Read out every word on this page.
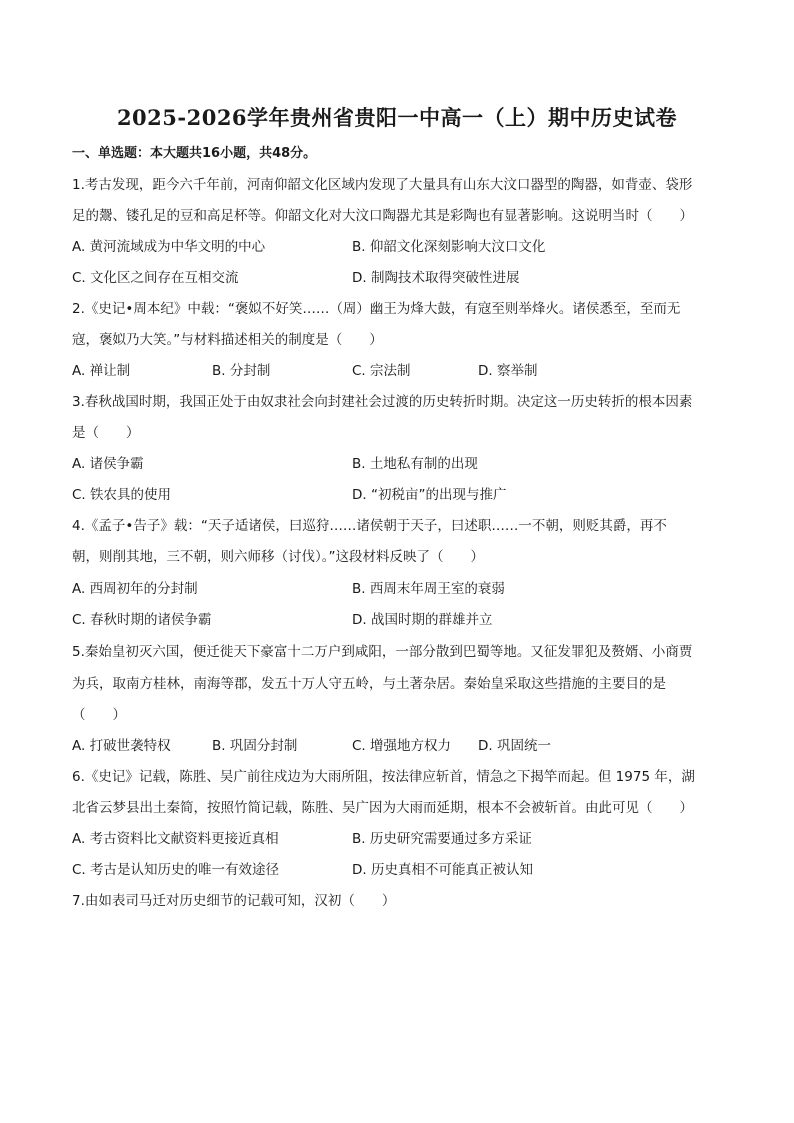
2025-2026学年贵州省贵阳一中高一（上）期中历史试卷
一、单选题：本大题共16小题，共48分。
1.考古发现，距今六千年前，河南仰韶文化区域内发现了大量具有山东大汶口器型的陶器，如背壶、袋形
足的鬶、镂孔足的豆和高足杯等。仰韶文化对大汶口陶器尤其是彩陶也有显著影响。这说明当时（　　）
A. 黄河流域成为中华文明的中心	B. 仰韶文化深刻影响大汶口文化
C. 文化区之间存在互相交流	D. 制陶技术取得突破性进展
2.《史记•周本纪》中载：“褒姒不好笑……（周）幽王为烽大鼓，有寇至则举烽火。诸侯悉至，至而无
寇，褒姒乃大笑。”与材料描述相关的制度是（　　）
A. 禅让制	B. 分封制	C. 宗法制	D. 察举制
3.春秋战国时期，我国正处于由奴隶社会向封建社会过渡的历史转折时期。决定这一历史转折的根本因素
是（　　）
A. 诸侯争霸	B. 土地私有制的出现
C. 铁农具的使用	D. “初税亩”的出现与推广
4.《孟子•告子》载：“天子适诸侯，曰巡狩……诸侯朝于天子，曰述职……一不朝，则贬其爵，再不
朝，则削其地，三不朝，则六师移（讨伐）。”这段材料反映了（　　）
A. 西周初年的分封制	B. 西周末年周王室的衰弱
C. 春秋时期的诸侯争霸	D. 战国时期的群雄并立
5.秦始皇初灭六国，便迁徙天下豪富十二万户到咸阳，一部分散到巴蜀等地。又征发罪犯及赘婿、小商贾
为兵，取南方桂林，南海等郡，发五十万人守五岭，与土著杂居。秦始皇采取这些措施的主要目的是
（　　）
A. 打破世袭特权	B. 巩固分封制	C. 增强地方权力 D. 巩固统一
6.《史记》记载，陈胜、吴广前往戍边为大雨所阻，按法律应斩首，情急之下揭竿而起。但 1975 年，湖
北省云梦县出土秦简，按照竹简记载，陈胜、吴广因为大雨而延期，根本不会被斩首。由此可见（　　）
A. 考古资料比文献资料更接近真相	B. 历史研究需要通过多方采证
C. 考古是认知历史的唯一有效途径	D. 历史真相不可能真正被认知
7.由如表司马迁对历史细节的记载可知，汉初（　　）
